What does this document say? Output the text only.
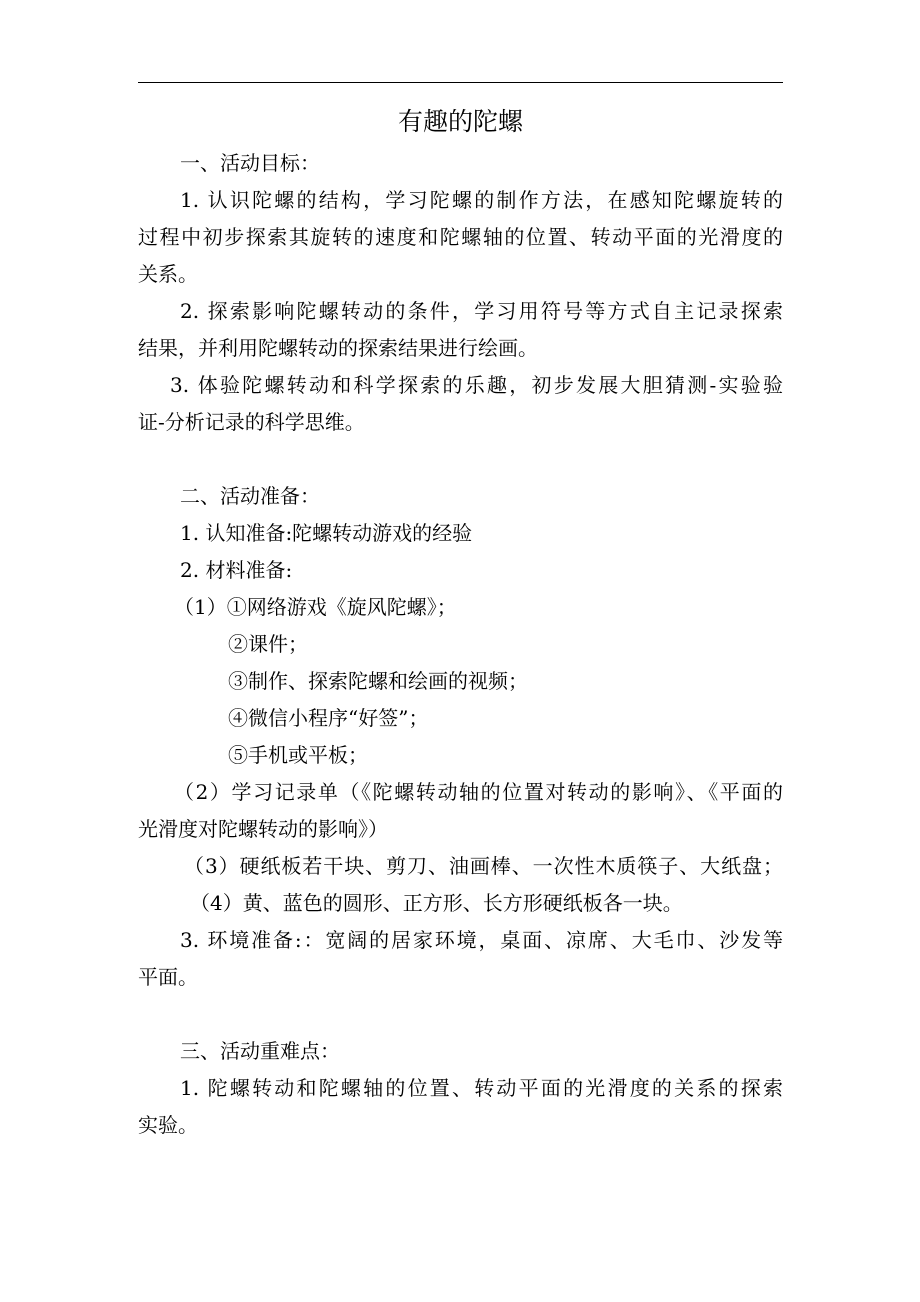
有趣的陀螺

一、活动目标：

1. 认识陀螺的结构，学习陀螺的制作方法，在感知陀螺旋转的

过程中初步探索其旋转的速度和陀螺轴的位置、转动平面的光滑度的

关系。

2. 探索影响陀螺转动的条件，学习用符号等方式自主记录探索

结果，并利用陀螺转动的探索结果进行绘画。

3. 体验陀螺转动和科学探索的乐趣，初步发展大胆猜测-实验验

证-分析记录的科学思维。

二、活动准备：

1. 认知准备:陀螺转动游戏的经验

2. 材料准备:

（1）①网络游戏《旋风陀螺》；

②课件；

③制作、探索陀螺和绘画的视频；

④微信小程序“好签”；

⑤手机或平板；

（2）学习记录单（《陀螺转动轴的位置对转动的影响》、《平面的

光滑度对陀螺转动的影响》）

（3）硬纸板若干块、剪刀、油画棒、一次性木质筷子、大纸盘；

（4）黄、蓝色的圆形、正方形、长方形硬纸板各一块。

3. 环境准备:：宽阔的居家环境，桌面、凉席、大毛巾、沙发等

平面。

三、活动重难点：

1. 陀螺转动和陀螺轴的位置、转动平面的光滑度的关系的探索

实验。
